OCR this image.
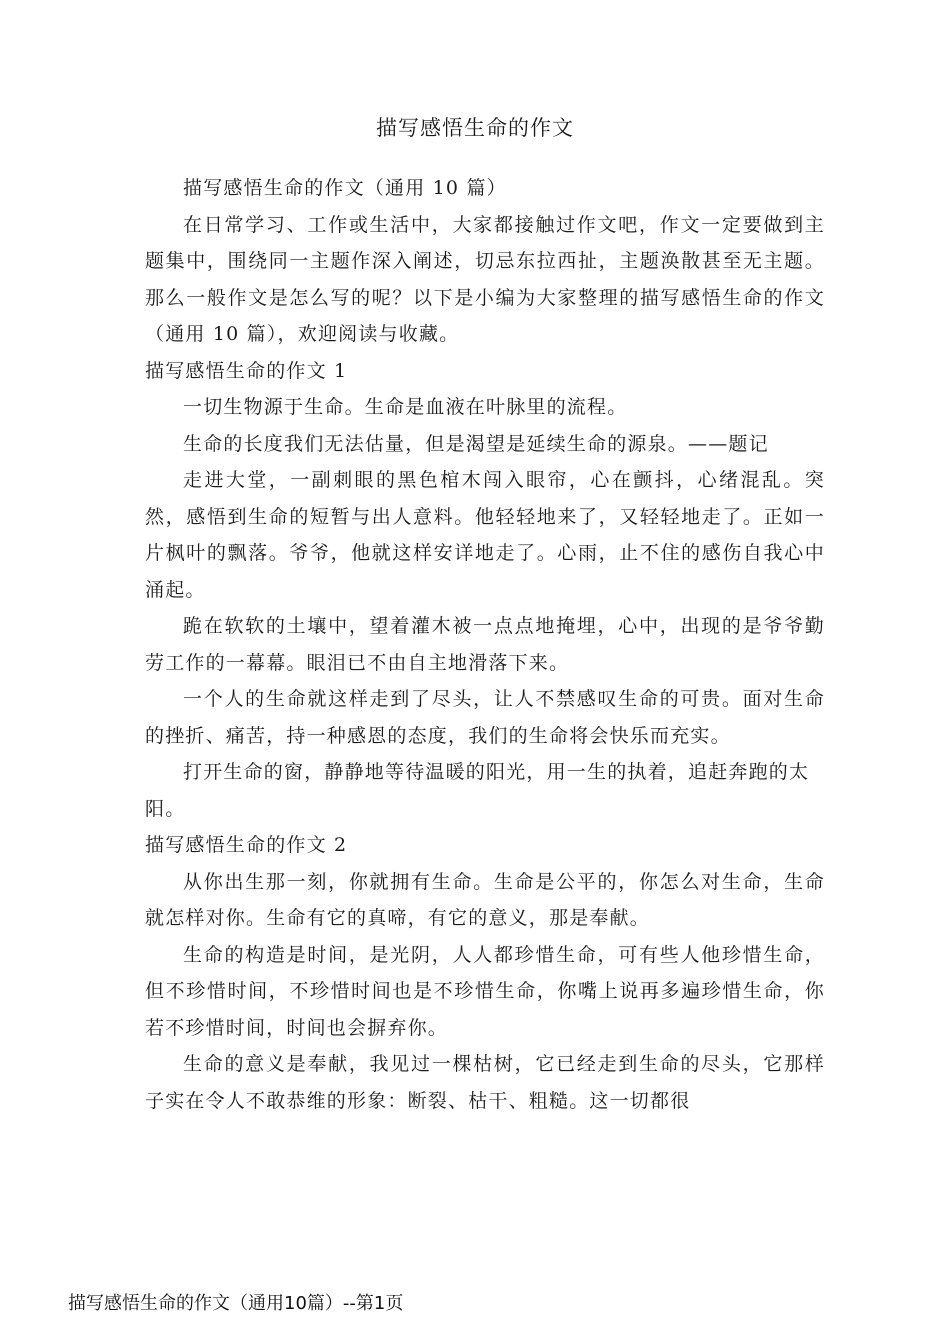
描写感悟生命的作文

描写感悟生命的作文（通用 10 篇）

在日常学习、工作或生活中，大家都接触过作文吧，作文一定要做到主题集中，围绕同一主题作深入阐述，切忌东拉西扯，主题涣散甚至无主题。那么一般作文是怎么写的呢？以下是小编为大家整理的描写感悟生命的作文（通用 10 篇），欢迎阅读与收藏。

描写感悟生命的作文 1

一切生物源于生命。生命是血液在叶脉里的流程。

生命的长度我们无法估量，但是渴望是延续生命的源泉。——题记

走进大堂，一副刺眼的黑色棺木闯入眼帘，心在颤抖，心绪混乱。突然，感悟到生命的短暂与出人意料。他轻轻地来了，又轻轻地走了。正如一片枫叶的飘落。爷爷，他就这样安详地走了。心雨，止不住的感伤自我心中涌起。

跪在软软的土壤中，望着灌木被一点点地掩埋，心中，出现的是爷爷勤劳工作的一幕幕。眼泪已不由自主地滑落下来。

一个人的生命就这样走到了尽头，让人不禁感叹生命的可贵。面对生命的挫折、痛苦，持一种感恩的态度，我们的生命将会快乐而充实。

打开生命的窗，静静地等待温暖的阳光，用一生的执着，追赶奔跑的太阳。

描写感悟生命的作文 2

从你出生那一刻，你就拥有生命。生命是公平的，你怎么对生命，生命就怎样对你。生命有它的真啼，有它的意义，那是奉献。

生命的构造是时间，是光阴，人人都珍惜生命，可有些人他珍惜生命，但不珍惜时间，不珍惜时间也是不珍惜生命，你嘴上说再多遍珍惜生命，你若不珍惜时间，时间也会摒弃你。

生命的意义是奉献，我见过一棵枯树，它已经走到生命的尽头，它那样子实在令人不敢恭维的形象：断裂、枯干、粗糙。这一切都很

描写感悟生命的作文（通用10篇）--第1页
